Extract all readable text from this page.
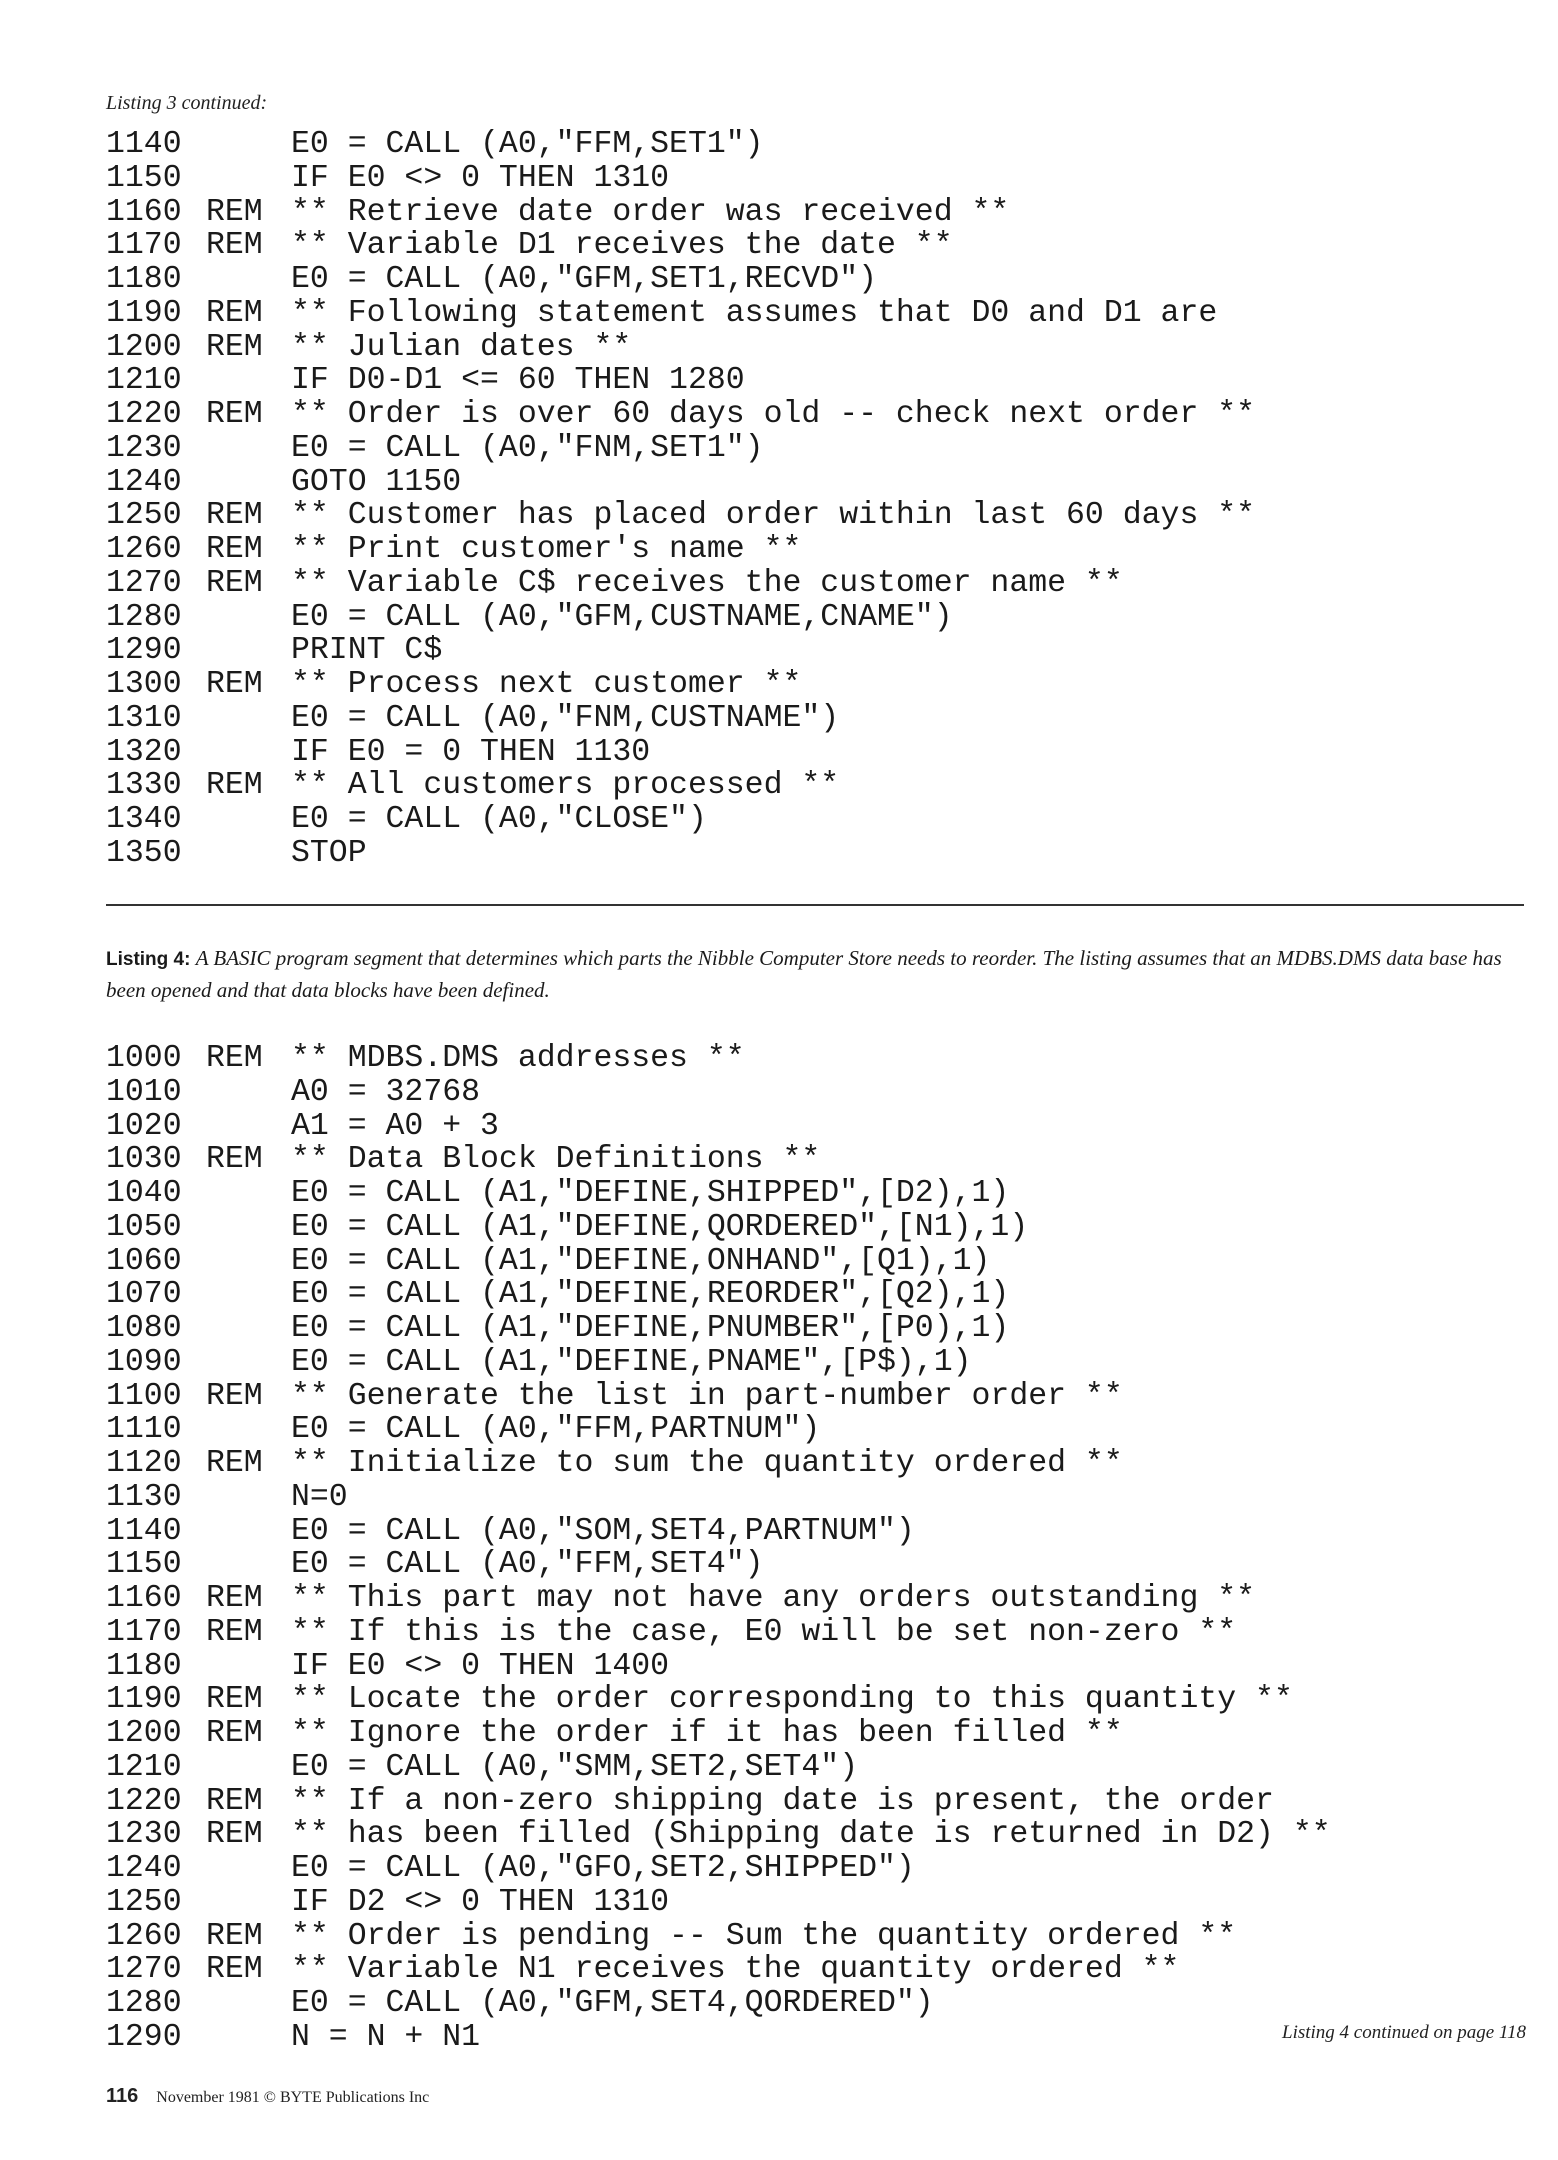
Listing 3 continued:
1140	E0 = CALL (A0,"FFM,SET1")
1150	IF E0 <> 0 THEN 1310
1160 REM ** Retrieve date order was received **
1170 REM ** Variable D1 receives the date **
1180	E0 = CALL (A0,"GFM,SET1,RECVD")
1190 REM ** Following statement assumes that D0 and D1 are
1200 REM ** Julian dates **
1210	IF D0-D1 <= 60 THEN 1280
1220 REM ** Order is over 60 days old -- check next order **
1230	E0 = CALL (A0,"FNM,SET1")
1240	GOTO 1150
1250 REM ** Customer has placed order within last 60 days **
1260 REM ** Print customer's name **
1270 REM ** Variable C$ receives the customer name **
1280	E0 = CALL (A0,"GFM,CUSTNAME,CNAME")
1290	PRINT C$
1300 REM ** Process next customer **
1310	E0 = CALL (A0,"FNM,CUSTNAME")
1320	IF E0 = 0 THEN 1130
1330 REM ** All customers processed **
1340	E0 = CALL (A0,"CLOSE")
1350	STOP
Listing 4: A BASIC program segment that determines which parts the Nibble Computer Store needs to reorder. The listing assumes that an MDBS.DMS data base has been opened and that data blocks have been defined.
1000 REM ** MDBS.DMS addresses **
1010	A0 = 32768
1020	A1 = A0 + 3
1030 REM ** Data Block Definitions **
1040	E0 = CALL (A1,"DEFINE,SHIPPED",[D2),1)
1050	E0 = CALL (A1,"DEFINE,QORDERED",[N1),1)
1060	E0 = CALL (A1,"DEFINE,ONHAND",[Q1),1)
1070	E0 = CALL (A1,"DEFINE,REORDER",[Q2),1)
1080	E0 = CALL (A1,"DEFINE,PNUMBER",[P0),1)
1090	E0 = CALL (A1,"DEFINE,PNAME",[P$),1)
1100 REM ** Generate the list in part-number order **
1110	E0 = CALL (A0,"FFM,PARTNUM")
1120 REM ** Initialize to sum the quantity ordered **
1130	N=0
1140	E0 = CALL (A0,"SOM,SET4,PARTNUM")
1150	E0 = CALL (A0,"FFM,SET4")
1160 REM ** This part may not have any orders outstanding **
1170 REM ** If this is the case, E0 will be set non-zero **
1180	IF E0 <> 0 THEN 1400
1190 REM ** Locate the order corresponding to this quantity **
1200 REM ** Ignore the order if it has been filled **
1210	E0 = CALL (A0,"SMM,SET2,SET4")
1220 REM ** If a non-zero shipping date is present, the order
1230 REM ** has been filled (Shipping date is returned in D2) **
1240	E0 = CALL (A0,"GFO,SET2,SHIPPED")
1250	IF D2 <> 0 THEN 1310
1260 REM ** Order is pending -- Sum the quantity ordered **
1270 REM ** Variable N1 receives the quantity ordered **
1280	E0 = CALL (A0,"GFM,SET4,QORDERED")
1290	N = N + N1	Listing 4 continued on page 118
116 November 1981 © BYTE Publications Inc
